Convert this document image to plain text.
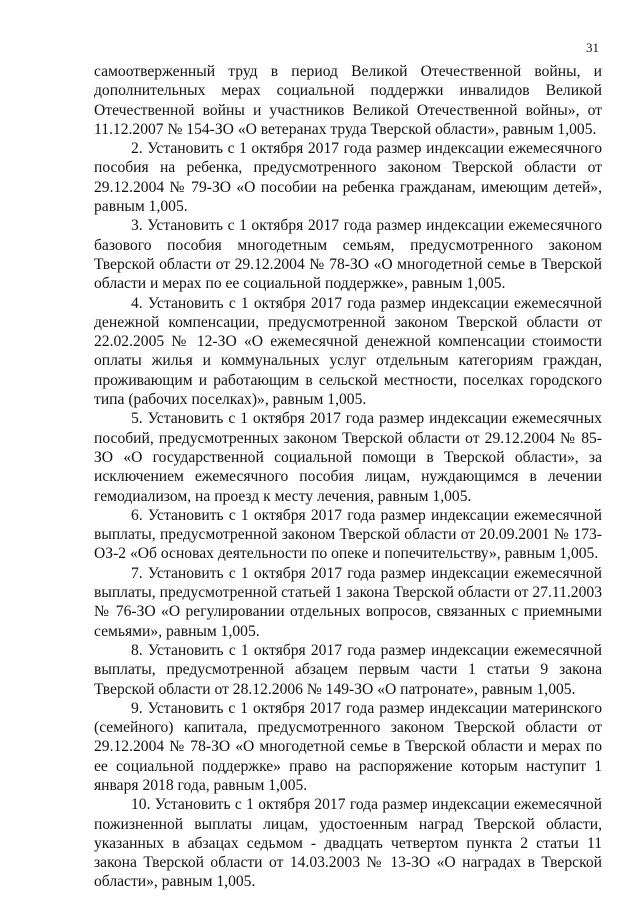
31

самоотверженный труд в период Великой Отечественной войны, и дополнительных мерах социальной поддержки инвалидов Великой Отечественной войны и участников Великой Отечественной войны», от 11.12.2007 № 154-ЗО «О ветеранах труда Тверской области», равным 1,005.

2. Установить с 1 октября 2017 года размер индексации ежемесячного пособия на ребенка, предусмотренного законом Тверской области от 29.12.2004 № 79-ЗО «О пособии на ребенка гражданам, имеющим детей», равным 1,005.

3. Установить с 1 октября 2017 года размер индексации ежемесячного базового пособия многодетным семьям, предусмотренного законом Тверской области от 29.12.2004 № 78-ЗО «О многодетной семье в Тверской области и мерах по ее социальной поддержке», равным 1,005.

4. Установить с 1 октября 2017 года размер индексации ежемесячной денежной компенсации, предусмотренной законом Тверской области от 22.02.2005 № 12-ЗО «О ежемесячной денежной компенсации стоимости оплаты жилья и коммунальных услуг отдельным категориям граждан, проживающим и работающим в сельской местности, поселках городского типа (рабочих поселках)», равным 1,005.

5. Установить с 1 октября 2017 года размер индексации ежемесячных пособий, предусмотренных законом Тверской области от 29.12.2004 № 85-ЗО «О государственной социальной помощи в Тверской области», за исключением ежемесячного пособия лицам, нуждающимся в лечении гемодиализом, на проезд к месту лечения, равным 1,005.

6. Установить с 1 октября 2017 года размер индексации ежемесячной выплаты, предусмотренной законом Тверской области от 20.09.2001 № 173-ОЗ-2 «Об основах деятельности по опеке и попечительству», равным 1,005.

7. Установить с 1 октября 2017 года размер индексации ежемесячной выплаты, предусмотренной статьей 1 закона Тверской области от 27.11.2003 № 76-ЗО «О регулировании отдельных вопросов, связанных с приемными семьями», равным 1,005.

8. Установить с 1 октября 2017 года размер индексации ежемесячной выплаты, предусмотренной абзацем первым части 1 статьи 9 закона Тверской области от 28.12.2006 № 149-ЗО «О патронате», равным 1,005.

9. Установить с 1 октября 2017 года размер индексации материнского (семейного) капитала, предусмотренного законом Тверской области от 29.12.2004 № 78-ЗО «О многодетной семье в Тверской области и мерах по ее социальной поддержке» право на распоряжение которым наступит 1 января 2018 года, равным 1,005.

10. Установить с 1 октября 2017 года размер индексации ежемесячной пожизненной выплаты лицам, удостоенным наград Тверской области, указанных в абзацах седьмом - двадцать четвертом пункта 2 статьи 11 закона Тверской области от 14.03.2003 № 13-ЗО «О наградах в Тверской области», равным 1,005.
